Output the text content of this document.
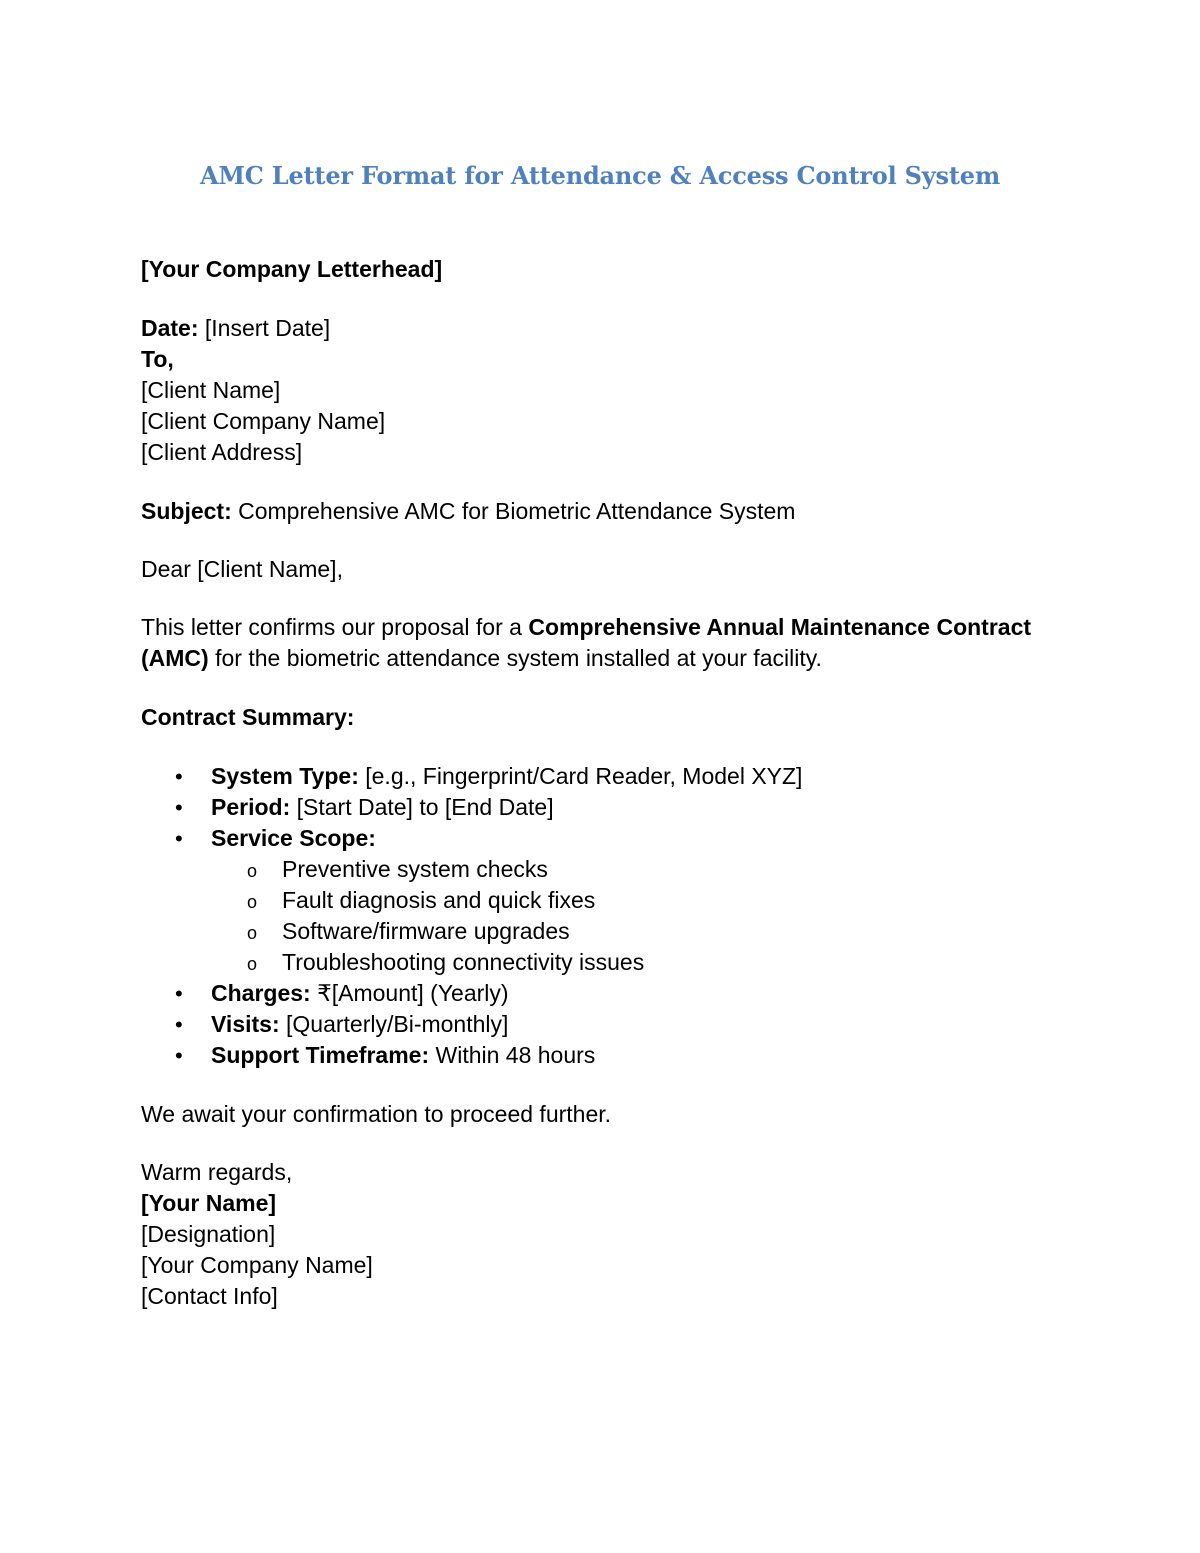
AMC Letter Format for Attendance & Access Control System
[Your Company Letterhead]
Date: [Insert Date]
To,
[Client Name]
[Client Company Name]
[Client Address]
Subject: Comprehensive AMC for Biometric Attendance System
Dear [Client Name],
This letter confirms our proposal for a Comprehensive Annual Maintenance Contract
(AMC) for the biometric attendance system installed at your facility.
Contract Summary:
• System Type: [e.g., Fingerprint/Card Reader, Model XYZ]
• Period: [Start Date] to [End Date]
• Service Scope:
o Preventive system checks
o Fault diagnosis and quick fixes
o Software/firmware upgrades
o Troubleshooting connectivity issues
• Charges: ₹[Amount] (Yearly)
• Visits: [Quarterly/Bi-monthly]
• Support Timeframe: Within 48 hours
We await your confirmation to proceed further.
Warm regards,
[Your Name]
[Designation]
[Your Company Name]
[Contact Info]
